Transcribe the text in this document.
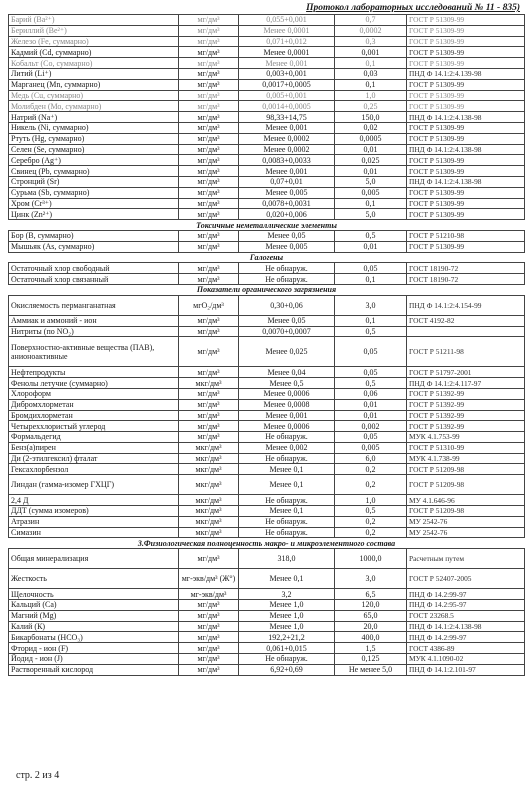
Протокол лабораторных исследований № 11 - 835)
Барий (Ва²⁺)	мг/дм³	0,055+0,001	0,7	ГОСТ Р 51309-99
Бериллий (Ве²⁺)	мг/дм³	Менее 0,0001	0,0002	ГОСТ Р 51309-99
Железо (Fe, суммарно)	мг/дм³	0,071+0,012	0,3	ГОСТ Р 51309-99
Кадмий (Cd, суммарно)	мг/дм³	Менее 0,0001	0,001	ГОСТ Р 51309-99
Кобальт (Со, суммарно)	мг/дм³	Менее 0,001	0,1	ГОСТ Р 51309-99
Литий (Li⁺)	мг/дм³	0,003+0,001	0,03	ПНД Ф 14.1:2:4.139-98
Марганец (Mn, суммарно)	мг/дм³	0,0017+0,0005	0,1	ГОСТ Р 51309-99
Медь (Cu, суммарно)	мг/дм³	0,005+0,001	1,0	ГОСТ Р 51309-99
Молибден (Мо, суммарно)	мг/дм³	0,0014+0,0005	0,25	ГОСТ Р 51309-99
Натрий (Na⁺)	мг/дм³	98,33+14,75	150,0	ПНД Ф 14.1:2:4.138-98
Никель (Ni, суммарно)	мг/дм³	Менее 0,001	0,02	ГОСТ Р 51309-99
Ртуть (Hg, суммарно)	мг/дм³	Менее 0,0002	0,0005	ГОСТ Р 51309-99
Селен (Se, суммарно)	мг/дм³	Менее 0,0002	0,01	ПНД Ф 14.1:2:4.138-98
Серебро (Ag⁺)	мг/дм³	0,0083+0,0033	0,025	ГОСТ Р 51309-99
Свинец (Pb, суммарно)	мг/дм³	Менее 0,001	0,01	ГОСТ Р 51309-99
Стронций (Sr)	мг/дм³	0,07+0,01	5,0	ПНД Ф 14.1:2:4.138-98
Сурьма (Sb, суммарно)	мг/дм³	Менее 0,005	0,005	ГОСТ Р 51309-99
Хром (Cr³⁺)	мг/дм³	0,0078+0,0031	0,1	ГОСТ Р 51309-99
Цинк (Zn²⁺)	мг/дм³	0,020+0,006	5,0	ГОСТ Р 51309-99
Токсичные неметаллические элементы				
Бор (В, суммарно)	мг/дм³	Менее 0,05	0,5	ГОСТ Р 51210-98
Мышьяк (As, суммарно)	мг/дм³	Менее 0,005	0,01	ГОСТ Р 51309-99
Галогены				
Остаточный хлор свободный	мг/дм³	Не обнаруж.	0,05	ГОСТ 18190-72
Остаточный хлор связанный	мг/дм³	Не обнаруж.	0,1	ГОСТ 18190-72
Показатели органического загрязнения				
Окисляемость перманганатная	мгО₂/дм³	0,30+0,06	3,0	ПНД Ф 14.1:2:4.154-99
Аммиак и аммоний - ион	мг/дм³	Менее 0,05	0,1	ГОСТ 4192-82
Нитриты (по NO₂)	мг/дм³	0,0070+0,0007	0,5	
Поверхностно-активные вещества (ПАВ), анионоактивные	мг/дм³	Менее 0,025	0,05	ГОСТ Р 51211-98
Нефтепродукты	мг/дм³	Менее 0,04	0,05	ГОСТ Р 51797-2001
Фенолы летучие (суммарно)	мкг/дм³	Менее 0,5	0,5	ПНД Ф 14.1:2:4.117-97
Хлороформ	мг/дм³	Менее 0,0006	0,06	ГОСТ Р 51392-99
Дибромхлорметан	мг/дм³	Менее 0,0008	0,01	ГОСТ Р 51392-99
Бромдихлорметан	мг/дм³	Менее 0,001	0,01	ГОСТ Р 51392-99
Четыреххлористый углерод	мг/дм³	Менее 0,0006	0,002	ГОСТ Р 51392-99
Формальдегид	мг/дм³	Не обнаруж.	0,05	МУК 4.1.753-99
Бенз(а)пирен	мкг/дм³	Менее 0,002	0,005	ГОСТ Р 51310-99
Ди (2-этилгексил) фталат	мкг/дм³	Не обнаруж.	6,0	МУК 4.1.738-99
Гексахлорбензол	мкг/дм³	Менее 0,1	0,2	ГОСТ Р 51209-98
Линдан (гамма-изомер ГХЦГ)	мкг/дм³	Менее 0,1	0,2	ГОСТ Р 51209-98
2,4 Д	мкг/дм³	Не обнаруж.	1,0	МУ 4.1.646-96
ДДТ (сумма изомеров)	мкг/дм³	Менее 0,1	0,5	ГОСТ Р 51209-98
Атразин	мкг/дм³	Не обнаруж.	0,2	МУ 2542-76
Симазин	мкг/дм³	Не обнаруж.	0,2	МУ 2542-76
3.Физиологическая полноценность макро- и микроэлементного состава				
Общая минерализация	мг/дм³	318,0	1000,0	Расчетным путем
Жесткость	мг-экв/дм³ (Ж°)	Менее 0,1	3,0	ГОСТ Р 52407-2005
Щелочность	мг-экв/дм³	3,2	6,5	ПНД Ф 14.2:99-97
Кальций (Са)	мг/дм³	Менее 1,0	120,0	ПНД Ф 14.2:95-97
Магний (Mg)	мг/дм³	Менее 1,0	65,0	ГОСТ 23268.5
Калий (К)	мг/дм³	Менее 1,0	20,0	ПНД Ф 14.1:2:4.138-98
Бикарбонаты (НСО₃)	мг/дм³	192,2+21,2	400,0	ПНД Ф 14.2:99-97
Фторид - ион (F)	мг/дм³	0,061+0,015	1,5	ГОСТ 4386-89
Йодид - ион (J)	мг/дм³	Не обнаруж.	0,125	МУК 4.1.1090-02
Растворенный кислород	мг/дм³	6,92+0,69	Не менее 5,0	ПНД Ф 14.1:2.101-97
стр. 2 из 4
